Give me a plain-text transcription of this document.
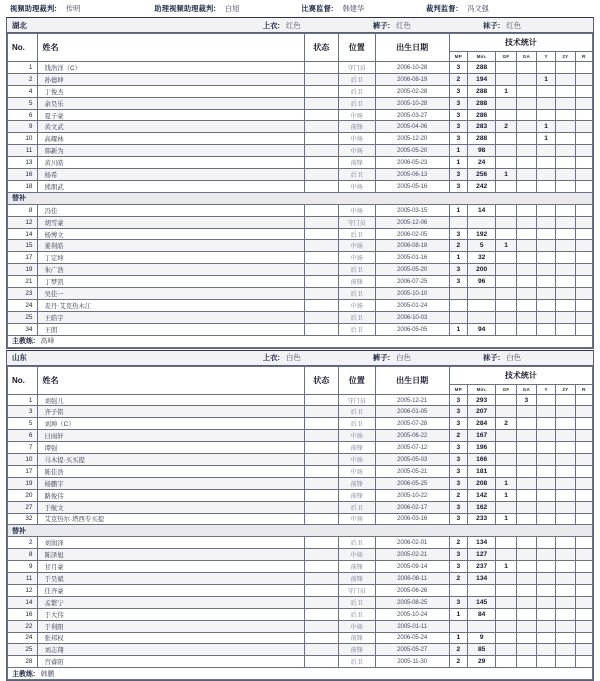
视频助理裁判: 传明	助理视频助理裁判: 白旭	比赛监督: 韩建华	裁判监督: 冯文强
湖北	上衣: 红色	裤子: 红色	袜子: 红色
No.	姓名	状态	位置	出生日期	技术统计						
					MP	Min.	GF	GA	Y	2Y	R
1	钱浩洋（C）		守门员	2006-10-28	3	288					
2	孙德坤		后卫	2006-08-19	2	194			1		
4	丁俊杰		后卫	2005-02-28	3	288	1				
5	余昊乐		后卫	2005-10-28	3	288					
6	夏子豪		中场	2005-03-27	3	286					
9	黄文武		前锋	2005-04-06	3	283	2		1		
10	高耀林		中场	2005-12-20	3	288			1		
11	韩新为		中场	2005-05-20	1	98					
13	黄川皓		前锋	2006-05-23	1	24					
16	杨希		后卫	2005-06-13	3	256	1				
18	熊朋武		中场	2005-05-16	3	242					
替补											
8	冯佳		中场	2005-03-15	1	14					
12	胡雪豪		守门员	2005-12-06							
14	杨博文		后卫	2006-02-05	3	192					
15	姜利皓		中场	2006-08-18	2	5	1				
17	丁定坤		中场	2005-01-16	1	32					
19	朱广浩		后卫	2005-05-20	3	200					
21	丁梦凯		前锋	2006-07-25	3	96					
23	吴佳一		后卫	2005-10-10							
24	麦丹·艾克热木江		中场	2005-01-24							
25	王皓宇		后卫	2006-10-03							
34	王朗		后卫	2006-05-05	1	94					
主教练: 高峰											
山东	上衣: 白色	裤子: 白色	袜子: 白色
No.	姓名	状态	位置	出生日期	技术统计						
					MP	Min.	GF	GA	Y	2Y	R
1	刘强儿		守门员	2005-12-21	3	293		3			
3	齐子铭		后卫	2006-01-05	3	207					
5	刘坤（C）		后卫	2005-07-28	3	284	2				
6	曰雨轩		中场	2005-06-22	2	167					
7	谭强		前锋	2005-07-12	3	196					
10	马木提·买买提		中场	2005-05-03	3	166					
17	陈佳浩		中场	2005-05-21	3	181					
19	杨鹏宇		前锋	2006-05-25	3	208	1				
20	路俊伟		前锋	2005-10-22	2	142	1				
27	于航文		后卫	2006-02-17	3	162					
32	艾克热尔·塔西专买提		中场	2006-03-16	3	233	1				
替补											
2	刘润泽		后卫	2006-02-01	2	134					
8	陈泽旭		中场	2005-02-21	3	127					
9	甘月豪		前锋	2005-09-14	3	237	1				
11	于昊斌		前锋	2006-08-11	2	134					
12	任齐豪		守门员	2005-06-26							
14	孟繁宁		后卫	2005-08-25	3	145					
16	于大伟		后卫	2005-10-24	1	84					
22	于利阳		中场	2005-01-11							
24	张邦权		前锋	2006-05-24	1	9					
25	刘志翔		前锋	2005-05-27	2	85					
28	宫睿阳		后卫	2005-11-30	2	29					
主教练: 韩鹏											
